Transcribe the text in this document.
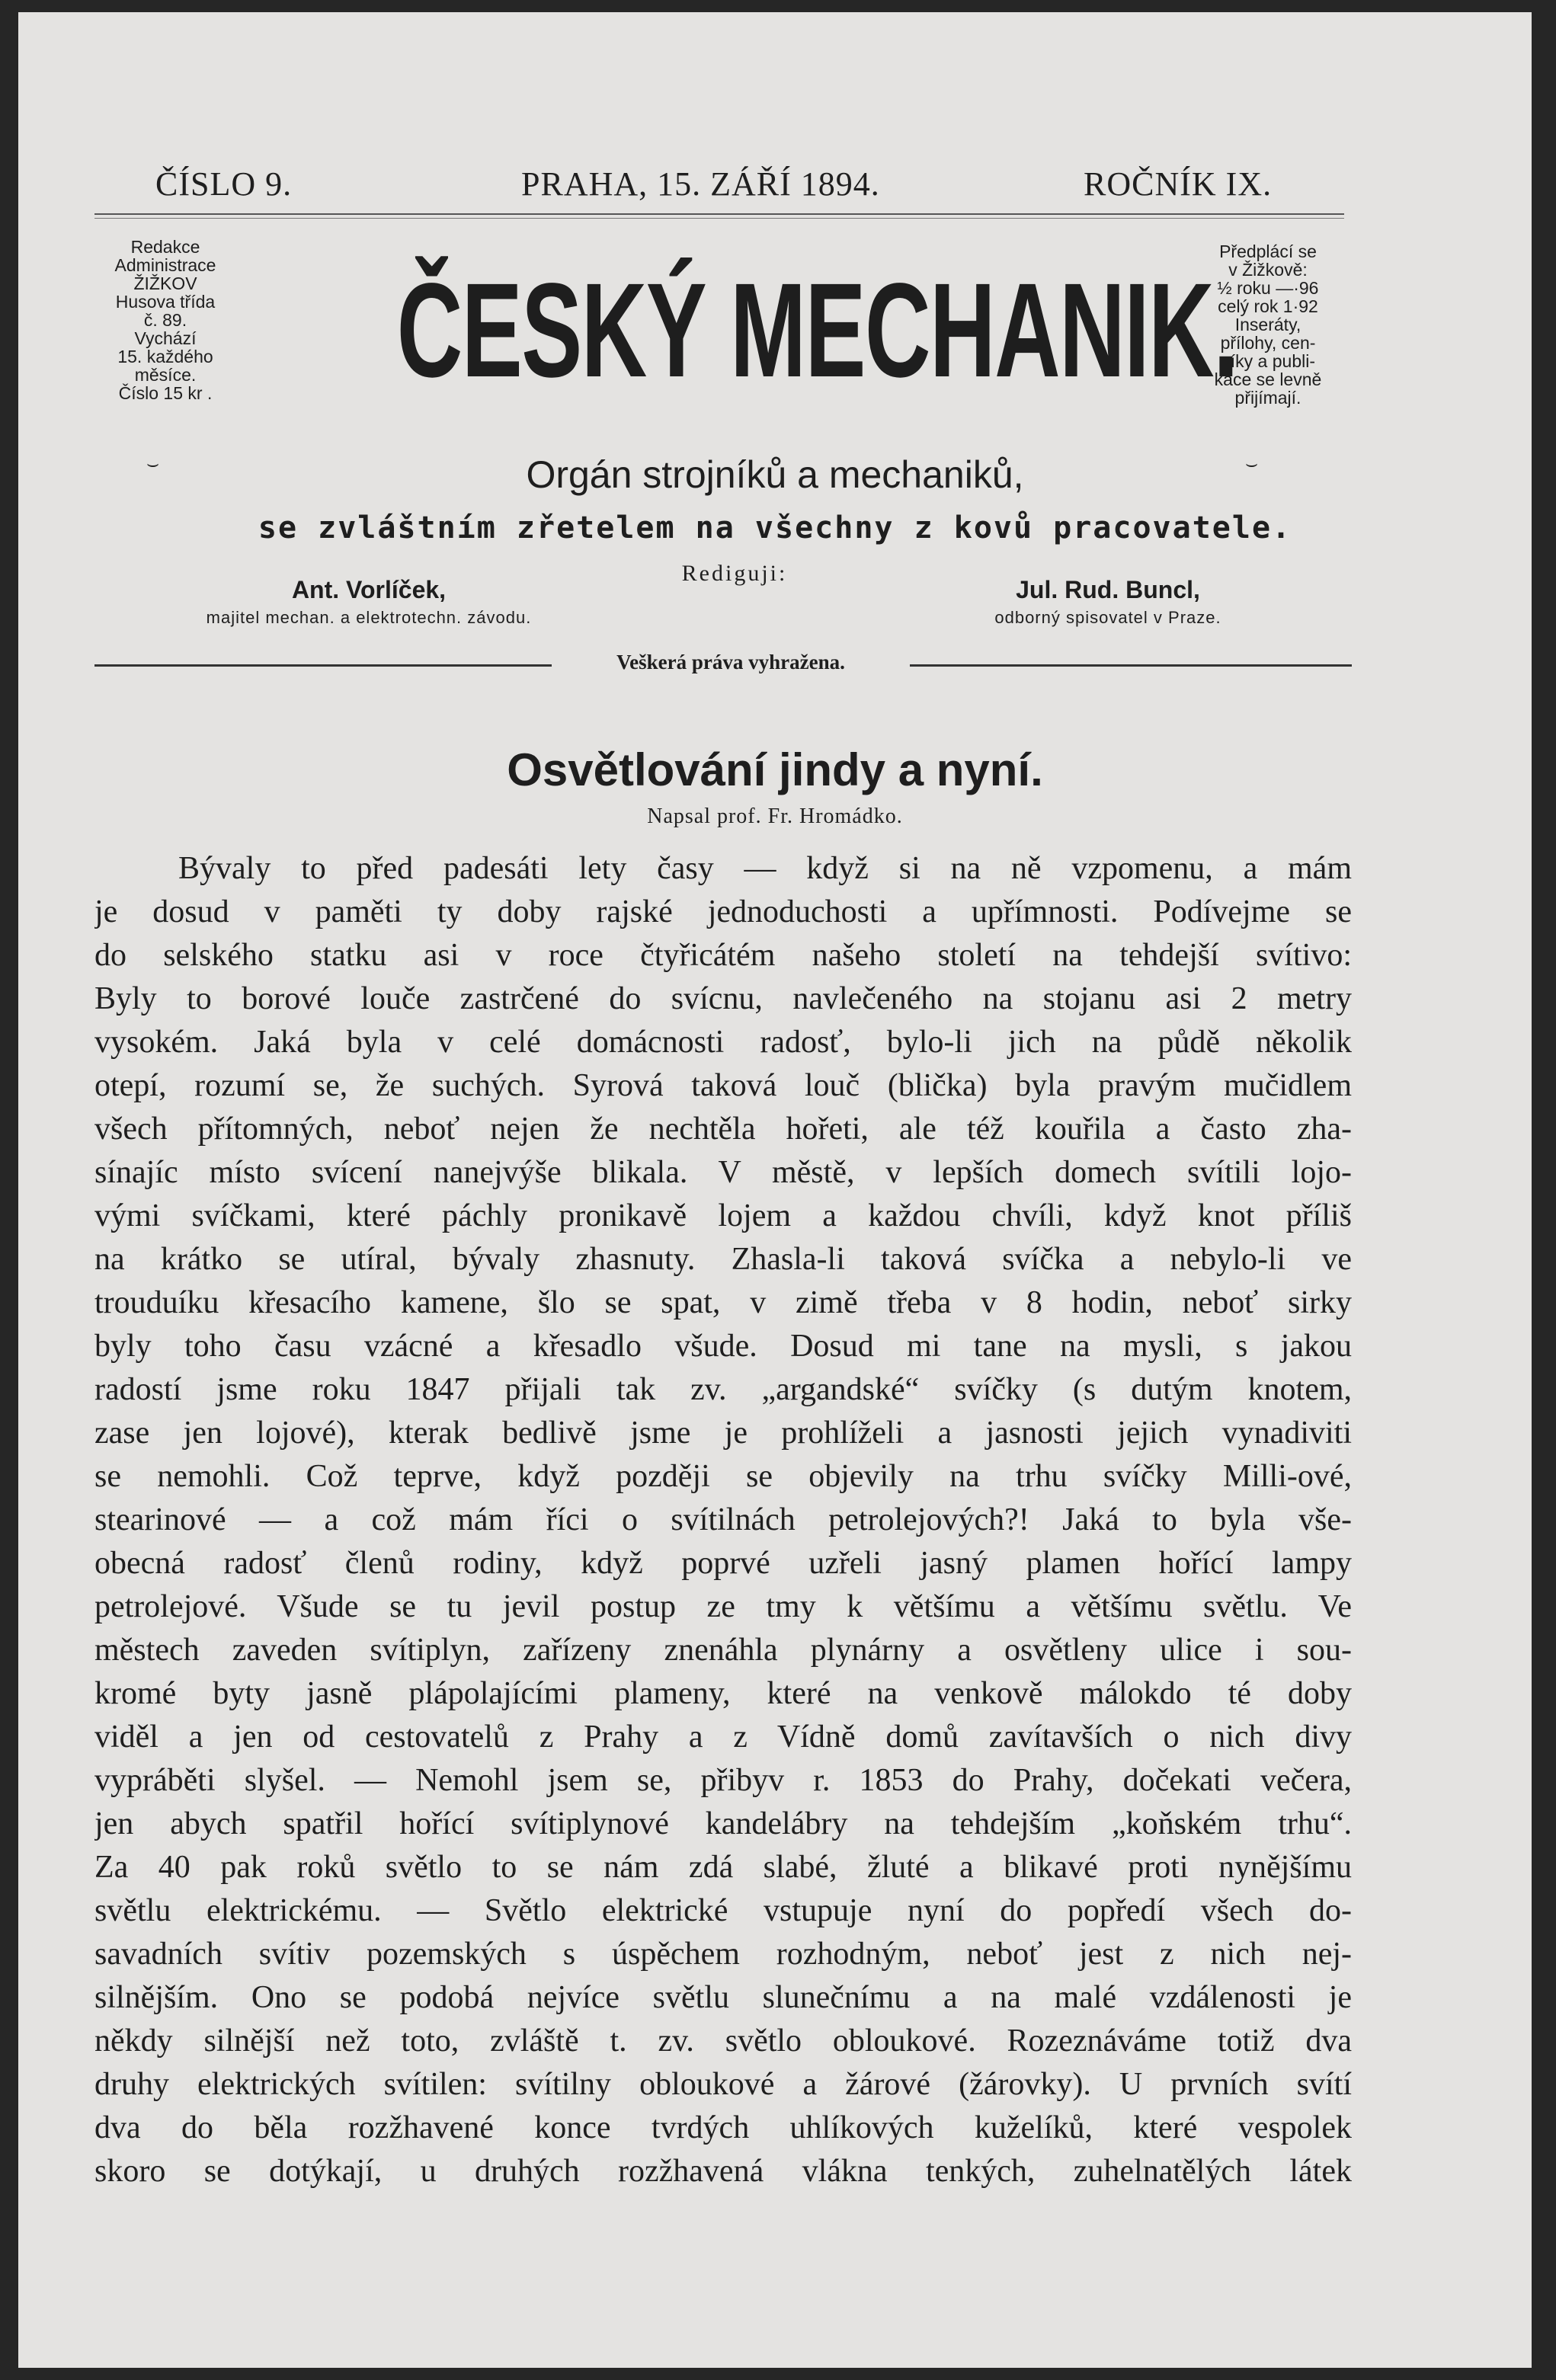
ČÍSLO 9.	PRAHA, 15. ZÁŘÍ 1894.	ROČNÍK IX.
Redakce
Administrace
ŽIŽKOV
Husova třída
č. 89.
Vychází
15. každého
měsíce.
Číslo 15 kr . ČESKÝ MECHANIK.
Předplácí se
v Žižkově:
½ roku —·96
celý rok 1·92
Inseráty,
přílohy, cen-
níky a publi-
kace se levně
přijímají.
⌣	⌣
Orgán strojníků a mechaniků,
se zvláštním zřetelem na všechny z kovů pracovatele.
Rediguji:
Ant. Vorlíček,
majitel mechan. a elektrotechn. závodu.
Jul. Rud. Buncl,
odborný spisovatel v Praze.
Veškerá práva vyhražena.
Osvětlování jindy a nyní.
Napsal prof. Fr. Hromádko.
Bývaly to před padesáti lety časy — když si na ně vzpomenu, a mám
je dosud v paměti ty doby rajské jednoduchosti a upřímnosti. Podívejme se
do selského statku asi v roce čtyřicátém našeho století na tehdejší svítivo:
Byly to borové louče zastrčené do svícnu, navlečeného na stojanu asi 2 metry
vysokém. Jaká byla v celé domácnosti radosť, bylo-li jich na půdě několik
otepí, rozumí se, že suchých. Syrová taková louč (blička) byla pravým mučidlem
všech přítomných, neboť nejen že nechtěla hořeti, ale též kouřila a často zha-
sínajíc místo svícení nanejvýše blikala. V městě, v lepších domech svítili lojo-
vými svíčkami, které páchly pronikavě lojem a každou chvíli, když knot příliš
na krátko se utíral, bývaly zhasnuty. Zhasla-li taková svíčka a nebylo-li ve
trouduíku křesacího kamene, šlo se spat, v zimě třeba v 8 hodin, neboť sirky
byly toho času vzácné a křesadlo všude. Dosud mi tane na mysli, s jakou
radostí jsme roku 1847 přijali tak zv. „argandské“ svíčky (s dutým knotem,
zase jen lojové), kterak bedlivě jsme je prohlíželi a jasnosti jejich vynadiviti
se nemohli. Což teprve, když později se objevily na trhu svíčky Milli-ové,
stearinové — a což mám říci o svítilnách petrolejových?! Jaká to byla vše-
obecná radosť členů rodiny, když poprvé uzřeli jasný plamen hořící lampy
petrolejové. Všude se tu jevil postup ze tmy k většímu a většímu světlu. Ve
městech zaveden svítiplyn, zařízeny znenáhla plynárny a osvětleny ulice i sou-
kromé byty jasně plápolajícími plameny, které na venkově málokdo té doby
viděl a jen od cestovatelů z Prahy a z Vídně domů zavítavších o nich divy
vypráběti slyšel. — Nemohl jsem se, přibyv r. 1853 do Prahy, dočekati večera,
jen abych spatřil hořící svítiplynové kandelábry na tehdejším „koňském trhu“.
Za 40 pak roků světlo to se nám zdá slabé, žluté a blikavé proti nynějšímu
světlu elektrickému. — Světlo elektrické vstupuje nyní do popředí všech do-
savadních svítiv pozemských s úspěchem rozhodným, neboť jest z nich nej-
silnějším. Ono se podobá nejvíce světlu slunečnímu a na malé vzdálenosti je
někdy silnější než toto, zvláště t. zv. světlo obloukové. Rozeznáváme totiž dva
druhy elektrických svítilen: svítilny obloukové a žárové (žárovky). U prvních svítí
dva do běla rozžhavené konce tvrdých uhlíkových kuželíků, které vespolek
skoro se dotýkají, u druhých rozžhavená vlákna tenkých, zuhelnatělých látek
